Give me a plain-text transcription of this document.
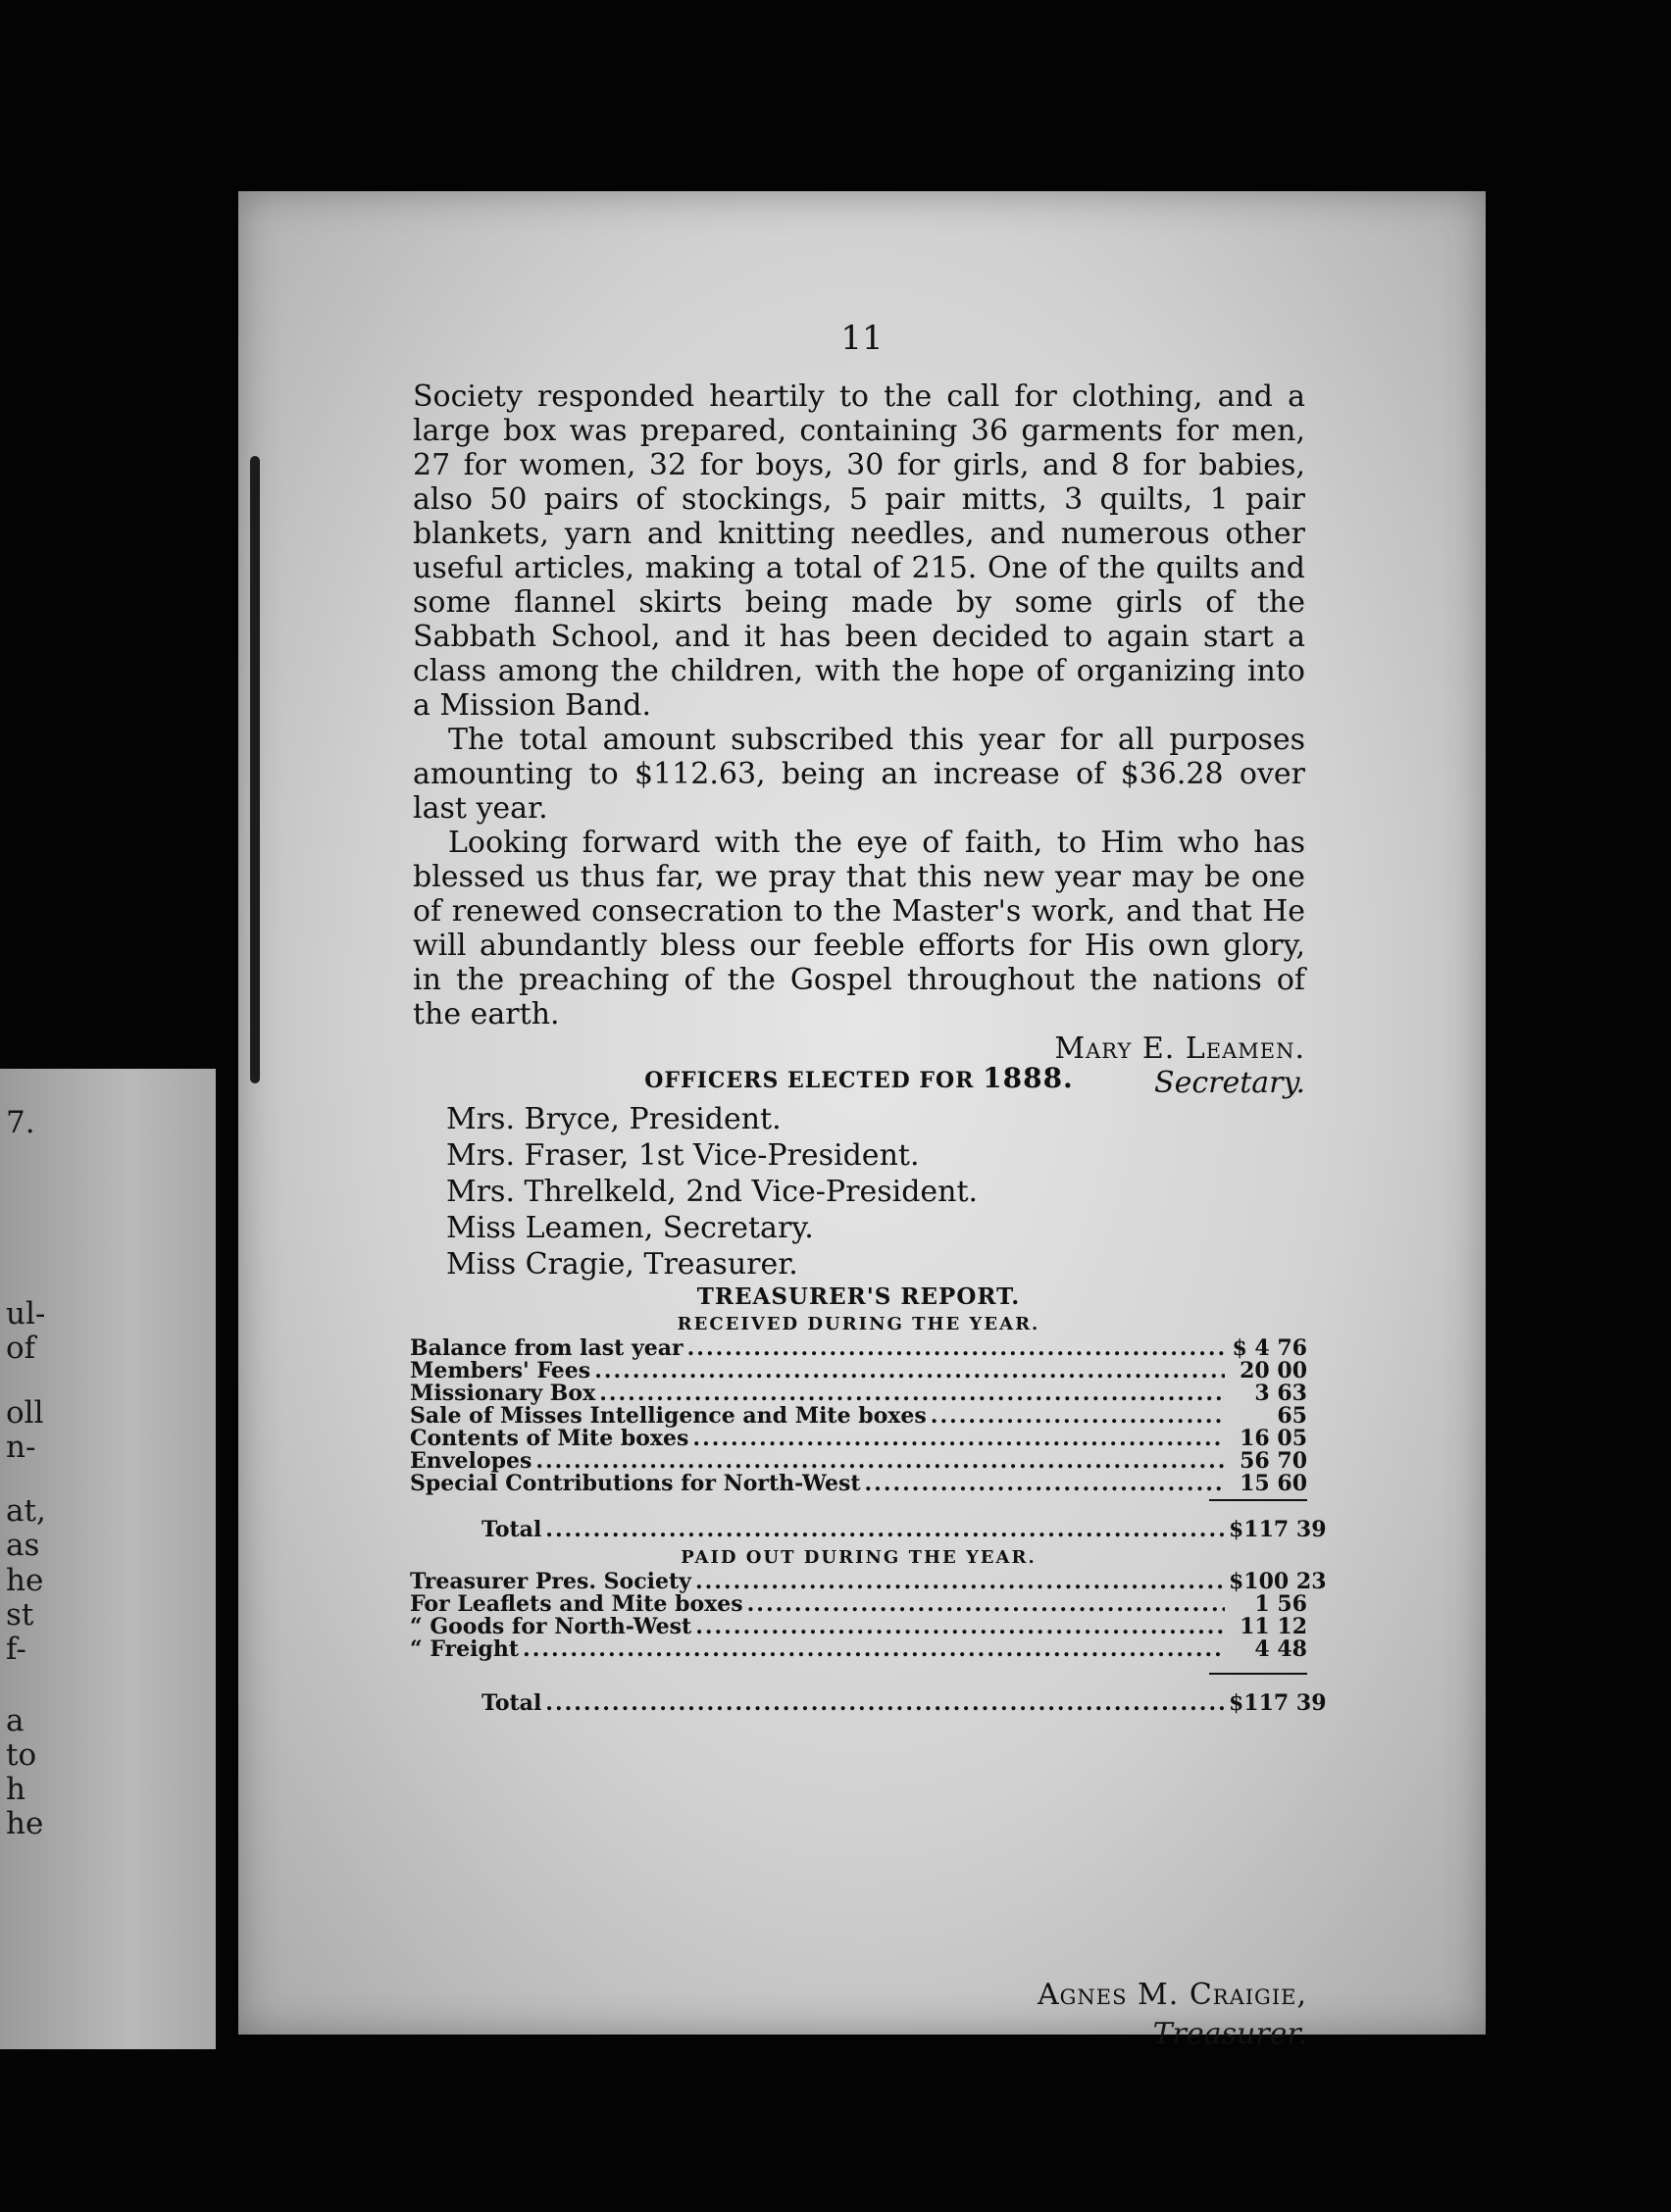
7.
ul-
of
oll
n-
at,
as
he
st
f-
a
to
h
he
11

Society responded heartily to the call for clothing, and a large box was prepared, containing 36 garments for men, 27 for women, 32 for boys, 30 for girls, and 8 for babies, also 50 pairs of stockings, 5 pair mitts, 3 quilts, 1 pair blankets, yarn and knitting needles, and numerous other useful articles, making a total of 215. One of the quilts and some flannel skirts being made by some girls of the Sabbath School, and it has been decided to again start a class among the children, with the hope of organizing into a Mission Band.

The total amount subscribed this year for all purposes amounting to $112.63, being an increase of $36.28 over last year.

Looking forward with the eye of faith, to Him who has blessed us thus far, we pray that this new year may be one of renewed consecration to the Master's work, and that He will abundantly bless our feeble efforts for His own glory, in the preaching of the Gospel throughout the nations of the earth.

Mary E. Leamen.

Secretary.

OFFICERS ELECTED FOR 1888.
Mrs. Bryce, President.
Mrs. Fraser, 1st Vice-President.
Mrs. Threlkeld, 2nd Vice-President.
Miss Leamen, Secretary.
Miss Cragie, Treasurer.
TREASURER'S REPORT.
RECEIVED DURING THE YEAR.
Balance from last year .....	$ 4 76
Members' Fees .....	20 00
Missionary Box .....	3 63
Sale of Misses Intelligence and Mite boxes .....	65
Contents of Mite boxes .....	16 05
Envelopes .....	56 70
Special Contributions for North-West .....	15 60
Total .....	$117 39
PAID OUT DURING THE YEAR.
Treasurer Pres. Society .....	$100 23
For Leaflets and Mite boxes .....	1 56
“ Goods for North-West .....	11 12
“ Freight .....	4 48
Total .....	$117 39
Agnes M. Craigie,
Treasurer.
